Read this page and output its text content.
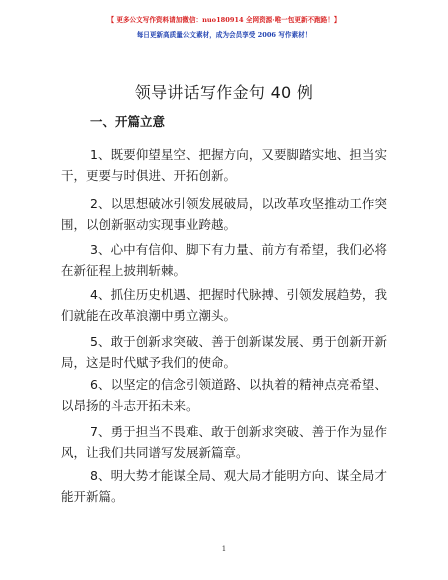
【 更多公文写作资料请加微信：nuo180914 全网资源·唯一包更新不跑路！】
每日更新高质量公文素材，成为会员享受 2006 写作素材！
领导讲话写作金句 40 例
一、开篇立意

1、既要仰望星空、把握方向，又要脚踏实地、担当实干，更要与时俱进、开拓创新。

2、以思想破冰引领发展破局，以改革攻坚推动工作突围，以创新驱动实现事业跨越。

3、心中有信仰、脚下有力量、前方有希望，我们必将在新征程上披荆斩棘。

4、抓住历史机遇、把握时代脉搏、引领发展趋势，我们就能在改革浪潮中勇立潮头。

5、敢于创新求突破、善于创新谋发展、勇于创新开新局，这是时代赋予我们的使命。

6、以坚定的信念引领道路、以执着的精神点亮希望、以昂扬的斗志开拓未来。

7、勇于担当不畏难、敢于创新求突破、善于作为显作风，让我们共同谱写发展新篇章。

8、明大势才能谋全局、观大局才能明方向、谋全局才能开新篇。

1
